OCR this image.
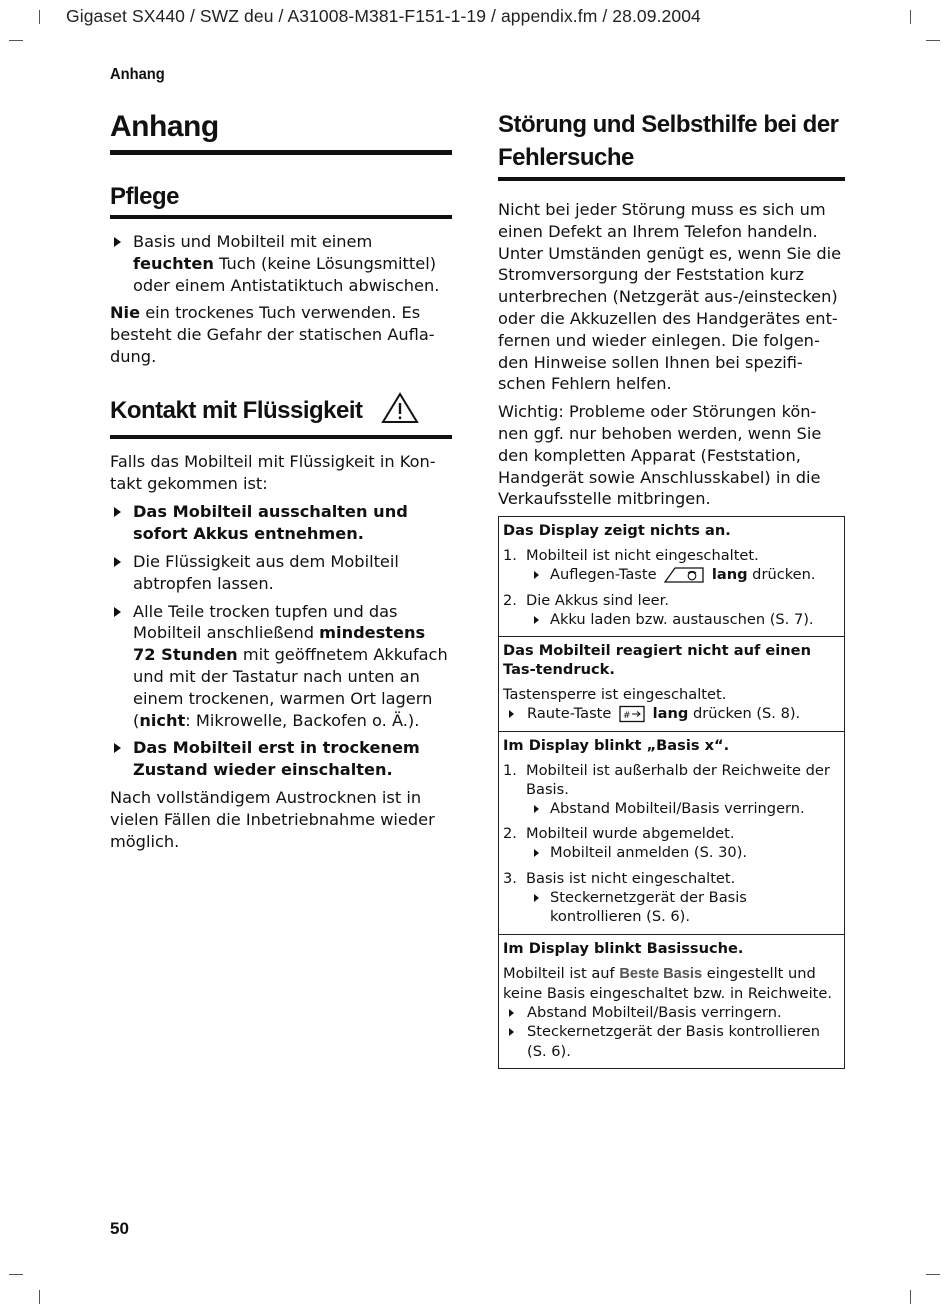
Gigaset SX440 / SWZ deu / A31008-M381-F151-1-19 / appendix.fm / 28.09.2004
Anhang
Anhang
Pflege
Basis und Mobilteil mit einem feuchten Tuch (keine Lösungsmittel) oder einem Antistatiktuch abwischen.

Nie ein trockenes Tuch verwenden. Es besteht die Gefahr der statischen Aufla-dung.

Kontakt mit Flüssigkeit

Falls das Mobilteil mit Flüssigkeit in Kon-takt gekommen ist:

Das Mobilteil ausschalten und sofort Akkus entnehmen.
Die Flüssigkeit aus dem Mobilteil abtropfen lassen.
Alle Teile trocken tupfen und das Mobilteil anschließend mindestens 72 Stunden mit geöffnetem Akkufach und mit der Tastatur nach unten an einem trockenen, warmen Ort lagern (nicht: Mikrowelle, Backofen o. Ä.).
Das Mobilteil erst in trockenem Zustand wieder einschalten.

Nach vollständigem Austrocknen ist in vielen Fällen die Inbetriebnahme wieder möglich.

Störung und Selbsthilfe bei der Fehlersuche

Nicht bei jeder Störung muss es sich um einen Defekt an Ihrem Telefon handeln. Unter Umständen genügt es, wenn Sie die Stromversorgung der Feststation kurz unterbrechen (Netzgerät aus-/einstecken) oder die Akkuzellen des Handgerätes ent-fernen und wieder einlegen. Die folgen-den Hinweise sollen Ihnen bei spezifi-schen Fehlern helfen.

Wichtig: Probleme oder Störungen kön-nen ggf. nur behoben werden, wenn Sie den kompletten Apparat (Feststation, Handgerät sowie Anschlusskabel) in die Verkaufsstelle mitbringen.

Das Display zeigt nichts an.
1. Mobilteil ist nicht eingeschaltet.
Auflegen-Taste	lang drücken.
2. Die Akkus sind leer.
Akku laden bzw. austauschen (S. 7).
Das Mobilteil reagiert nicht auf einen Tas-tendruck.
Tastensperre ist eingeschaltet.
Raute-Taste # lang drücken (S. 8).
Im Display blinkt „Basis x“.
1. Mobilteil ist außerhalb der Reichweite der Basis.
Abstand Mobilteil/Basis verringern.
2. Mobilteil wurde abgemeldet.
Mobilteil anmelden (S. 30).
3. Basis ist nicht eingeschaltet.
Steckernetzgerät der Basis kontrollieren (S. 6).
Im Display blinkt Basissuche.
Mobilteil ist auf Beste Basis eingestellt und keine Basis eingeschaltet bzw. in Reichweite.
Abstand Mobilteil/Basis verringern.
Steckernetzgerät der Basis kontrollieren (S. 6).
50
